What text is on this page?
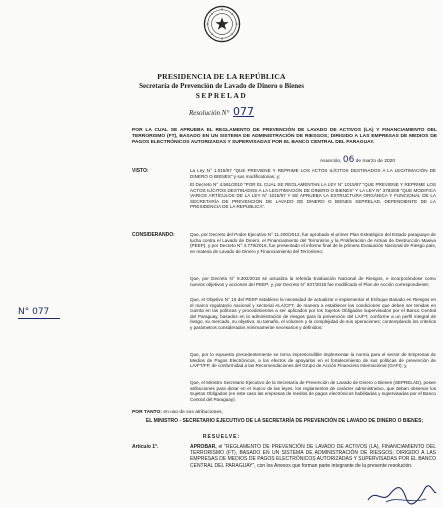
PRESIDENCIA DE LA REPÚBLICA
Secretaría de Prevención de Lavado de Dinero o Bienes
SEPRELAD
Resolución N° 077
POR LA CUAL SE APRUEBA EL REGLAMENTO DE PREVENCIÓN DE LAVADO DE ACTIVOS (LA) Y FINANCIAMIENTO DEL TERRORISMO (FT), BASADO EN UN SISTEMA DE ADMINISTRACIÓN DE RIESGOS; DIRIGIDO A LAS EMPRESAS DE MEDIOS DE PAGOS ELECTRÓNICOS AUTORIZADAS Y SUPERVISADAS POR EL BANCO CENTRAL DEL PARAGUAY.
Asunción, 06 de marzo de 2020
VISTO:	La Ley N° 1.015/97 "QUE PREVIENE Y REPRIME LOS ACTOS ILÍCITOS DESTINADOS A LA LEGITIMACIÓN DE DINERO O BIENES" y sus modificatorias, y;
El Decreto N° 4.561/2010 "POR EL CUAL SE REGLAMENTAN LA LEY N° 1015/97 "QUE PREVIENE Y REPRIME LOS ACTOS ILÍCITOS DESTINADOS A LA LEGITIMACIÓN DE DINERO O BIENES" Y LA LEY N° 3783/09 "QUE MODIFICA VARIOS ARTÍCULOS DE LA LEY N° 1015/97 Y SE APRUEBA LA ESTRUCTURA ORGÁNICA Y FUNCIONAL DE LA SECRETARÍA DE PREVENCIÓN DE LAVADO DE DINERO O BIENES SEPRELAD, DEPENDIENTE DE LA PRESIDENCIA DE LA REPÚBLICA".
CONSIDERANDO:	Que, por Decreto del Poder Ejecutivo N° 11.200/2013, fue aprobado el primer Plan Estratégico del Estado paraguayo de lucha contra el Lavado de Dinero, el Financiamiento del Terrorismo y la Proliferación de Armas de Destrucción Masiva (PEEP), y por Decreto N° 4.779/2016, fue presentado el informe final de la primera Evaluación Nacional de Riesgo país, en materia de Lavado de Dinero y Financiamiento del Terrorismo;
Que, por Decreto N° 9.302/2018 se actualiza la referida Evaluación Nacional de Riesgos, e incorporándose como nuevos objetivos y acciones del PEEP; y, por Decreto N° 507/2018 fue modificado el Plan de Acción correspondiente;
Que, el Objetivo N° 16 del PEEP establece la necesidad de actualizar e implementar el Enfoque Basado en Riesgos en el marco regulatorio nacional y sectorial ALA/CFT, de manera a establecer las condiciones que deben ser tenidas en cuenta en las políticas y procedimientos a ser aplicados por los Sujetos Obligados supervisados por el Banco Central del Paraguay, basados en la administración de riesgos para la prevención del LA/FT, conforme a un perfil integral de riesgo, su mercado, su objetivo, su tamaño, el volumen y la complejidad de sus operaciones; contemplando los criterios y parámetros considerados mínimamente necesarios y definidos;
Que, por lo expuesto precedentemente se torna imprescindible implementar la norma para el sector de Empresas de Medios de Pagos Electrónicos, a los efectos de apoyarlos en el fortalecimiento de sus políticas de prevención de LA/FT/FP, de conformidad a las Recomendaciones del Grupo de Acción Financiera Internacional (GAFI); y,
Que, el Ministro Secretario Ejecutivo de la Secretaría de Prevención de Lavado de Dinero o Bienes (SEPRELAD), posee atribuciones para dictar en el marco de las leyes, los reglamentos de carácter administrativo, que deban observar los Sujetos Obligados (en este caso las empresas de medios de pagos electrónicos habilitadas y supervisadas por el Banco Central del Paraguay).
N° 077
POR TANTO: en uso de sus atribuciones,
EL MINISTRO - SECRETARIO EJECUTIVO DE LA SECRETARÍA DE PREVENCIÓN DE LAVADO DE DINERO O BIENES;
RESUELVE:
Artículo 1°.	APROBAR, el "REGLAMENTO DE PREVENCIÓN DE LAVADO DE ACTIVOS (LA), FINANCIAMIENTO DEL TERRORISMO (FT), BASADO EN UN SISTEMA DE ADMINISTRACIÓN DE RIESGOS; DIRIGIDO A LAS EMPRESAS DE MEDIOS DE PAGOS ELECTRÓNICOS AUTORIZADAS Y SUPERVISADAS POR EL BANCO CENTRAL DEL PARAGUAY", con los Anexos que forman parte integrante de la presente resolución.
